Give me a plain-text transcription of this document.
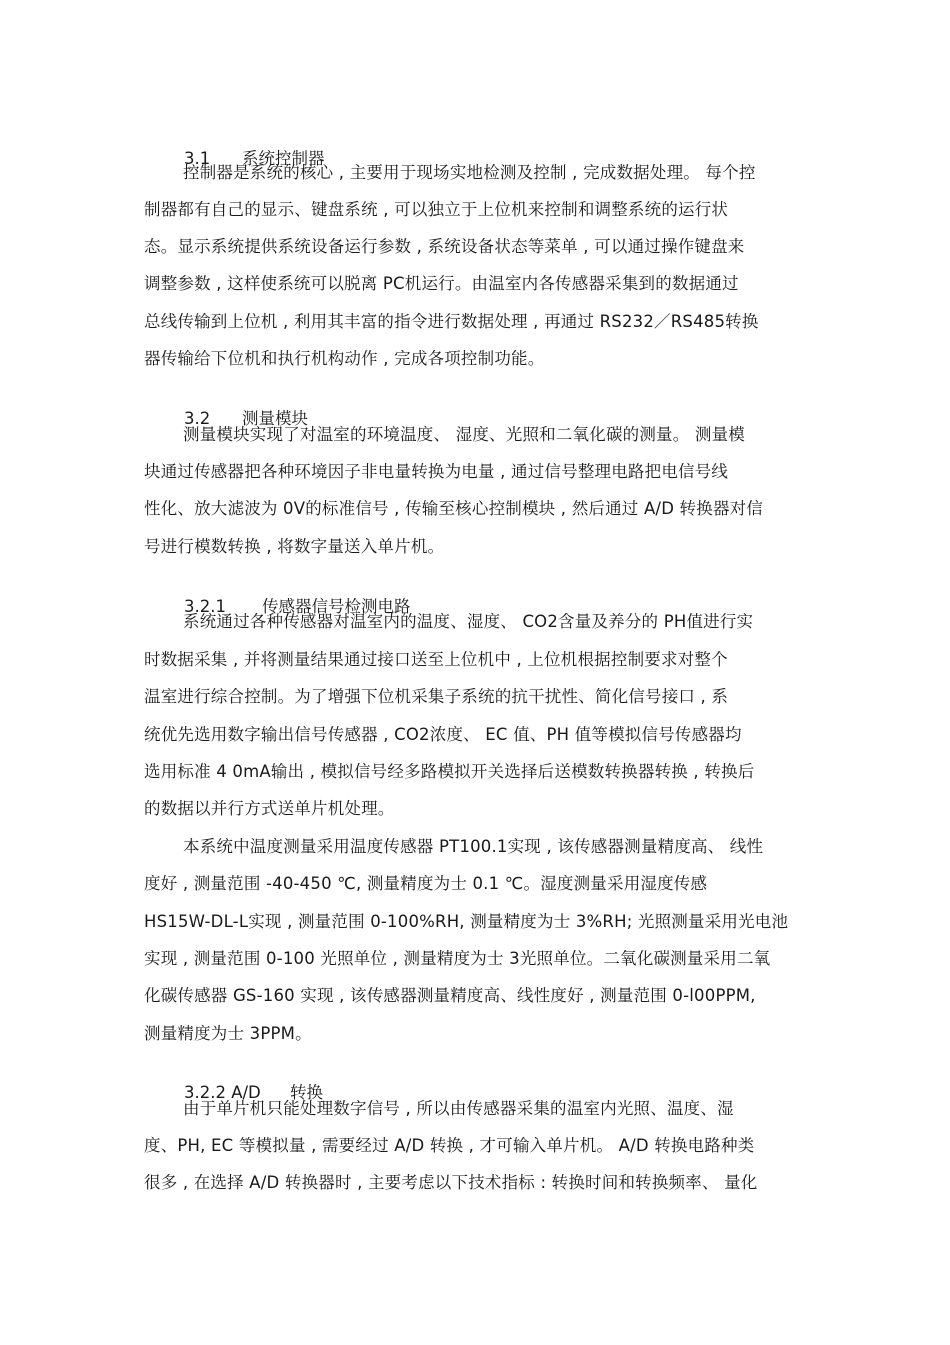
3.1 系统控制器

控制器是系统的核心 , 主要用于现场实地检测及控制 , 完成数据处理。 每个控
制器都有自己的显示、键盘系统 , 可以独立于上位机来控制和调整系统的运行状
态。显示系统提供系统设备运行参数 , 系统设备状态等菜单 , 可以通过操作键盘来
调整参数 , 这样使系统可以脱离 PC机运行。由温室内各传感器采集到的数据通过
总线传输到上位机 , 利用其丰富的指令进行数据处理 , 再通过 RS232／RS485转换
器传输给下位机和执行机构动作 , 完成各项控制功能。

3.2 测量模块

测量模块实现了对温室的环境温度、 湿度、光照和二氧化碳的测量。 测量模
块通过传感器把各种环境因子非电量转换为电量 , 通过信号整理电路把电信号线
性化、放大滤波为 0V的标准信号 , 传输至核心控制模块 , 然后通过 A/D 转换器对信
号进行模数转换 , 将数字量送入单片机。

3.2.1 传感器信号检测电路

系统通过各种传感器对温室内的温度、湿度、 CO2含量及养分的 PH值进行实
时数据采集 , 并将测量结果通过接口送至上位机中 , 上位机根据控制要求对整个
温室进行综合控制。为了增强下位机采集子系统的抗干扰性、简化信号接口 , 系
统优先选用数字输出信号传感器 , CO2浓度、 EC 值、PH 值等模拟信号传感器均
选用标准 4 0mA输出 , 模拟信号经多路模拟开关选择后送模数转换器转换 , 转换后
的数据以并行方式送单片机处理。
本系统中温度测量采用温度传感器 PT100.1实现 , 该传感器测量精度高、 线性
度好 , 测量范围 -40-450 ℃, 测量精度为士 0.1 ℃。湿度测量采用湿度传感
HS15W-DL-L实现 , 测量范围 0-100%RH, 测量精度为士 3%RH; 光照测量采用光电池
实现 , 测量范围 0-100 光照单位 , 测量精度为士 3光照单位。二氧化碳测量采用二氧
化碳传感器 GS-160 实现 , 该传感器测量精度高、线性度好 , 测量范围 0-l00PPM,
测量精度为士 3PPM。

3.2.2 A/D 转换

由于单片机只能处理数字信号 , 所以由传感器采集的温室内光照、温度、湿
度、PH, EC 等模拟量 , 需要经过 A/D 转换 , 才可输入单片机。 A/D 转换电路种类
很多 , 在选择 A/D 转换器时 , 主要考虑以下技术指标 : 转换时间和转换频率、 量化
